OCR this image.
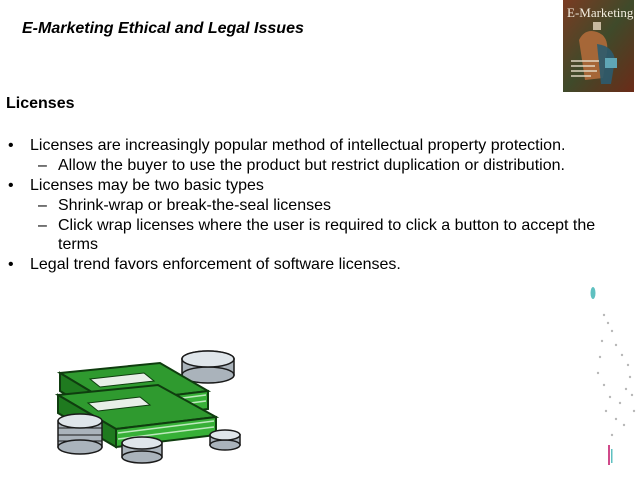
E-Marketing Ethical and Legal Issues
E-Marketing
Licenses
• Licenses are increasingly popular method of intellectual property protection.
– Allow the buyer to use the product but restrict duplication or distribution.
• Licenses may be two basic types
– Shrink-wrap or break-the-seal licenses
– Click wrap licenses where the user is required to click a button to accept the terms
• Legal trend favors enforcement of software licenses.
